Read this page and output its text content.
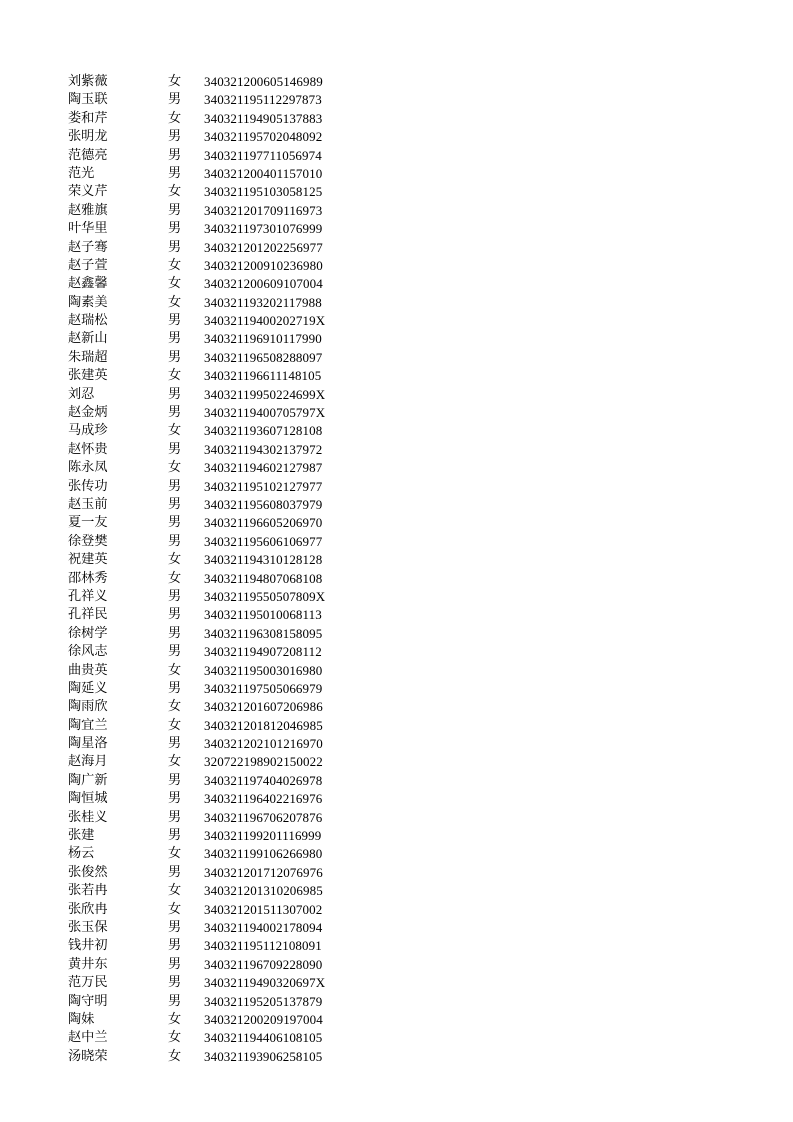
刘紫薇	女	340321200605146989
陶玉联	男	340321195112297873
娄和芹	女	340321194905137883
张明龙	男	340321195702048092
范德亮	男	340321197711056974
范光	男	340321200401157010
荣义芹	女	340321195103058125
赵雅旗	男	340321201709116973
叶华里	男	340321197301076999
赵子骞	男	340321201202256977
赵子萱	女	340321200910236980
赵鑫馨	女	340321200609107004
陶素美	女	340321193202117988
赵瑞松	男	34032119400202719X
赵新山	男	340321196910117990
朱瑞超	男	340321196508288097
张建英	女	340321196611148105
刘忍	男	34032119950224699X
赵金炳	男	34032119400705797X
马成珍	女	340321193607128108
赵怀贵	男	340321194302137972
陈永凤	女	340321194602127987
张传功	男	340321195102127977
赵玉前	男	340321195608037979
夏一友	男	340321196605206970
徐登樊	男	340321195606106977
祝建英	女	340321194310128128
邵林秀	女	340321194807068108
孔祥义	男	34032119550507809X
孔祥民	男	340321195010068113
徐树学	男	340321196308158095
徐风志	男	340321194907208112
曲贵英	女	340321195003016980
陶延义	男	340321197505066979
陶雨欣	女	340321201607206986
陶宜兰	女	340321201812046985
陶星洛	男	340321202101216970
赵海月	女	320722198902150022
陶广新	男	340321197404026978
陶恒城	男	340321196402216976
张桂义	男	340321196706207876
张建	男	340321199201116999
杨云	女	340321199106266980
张俊然	男	340321201712076976
张若冉	女	340321201310206985
张欣冉	女	340321201511307002
张玉保	男	340321194002178094
钱井初	男	340321195112108091
黄井东	男	340321196709228090
范万民	男	34032119490320697X
陶守明	男	340321195205137879
陶妹	女	340321200209197004
赵中兰	女	340321194406108105
汤晓荣	女	340321193906258105
